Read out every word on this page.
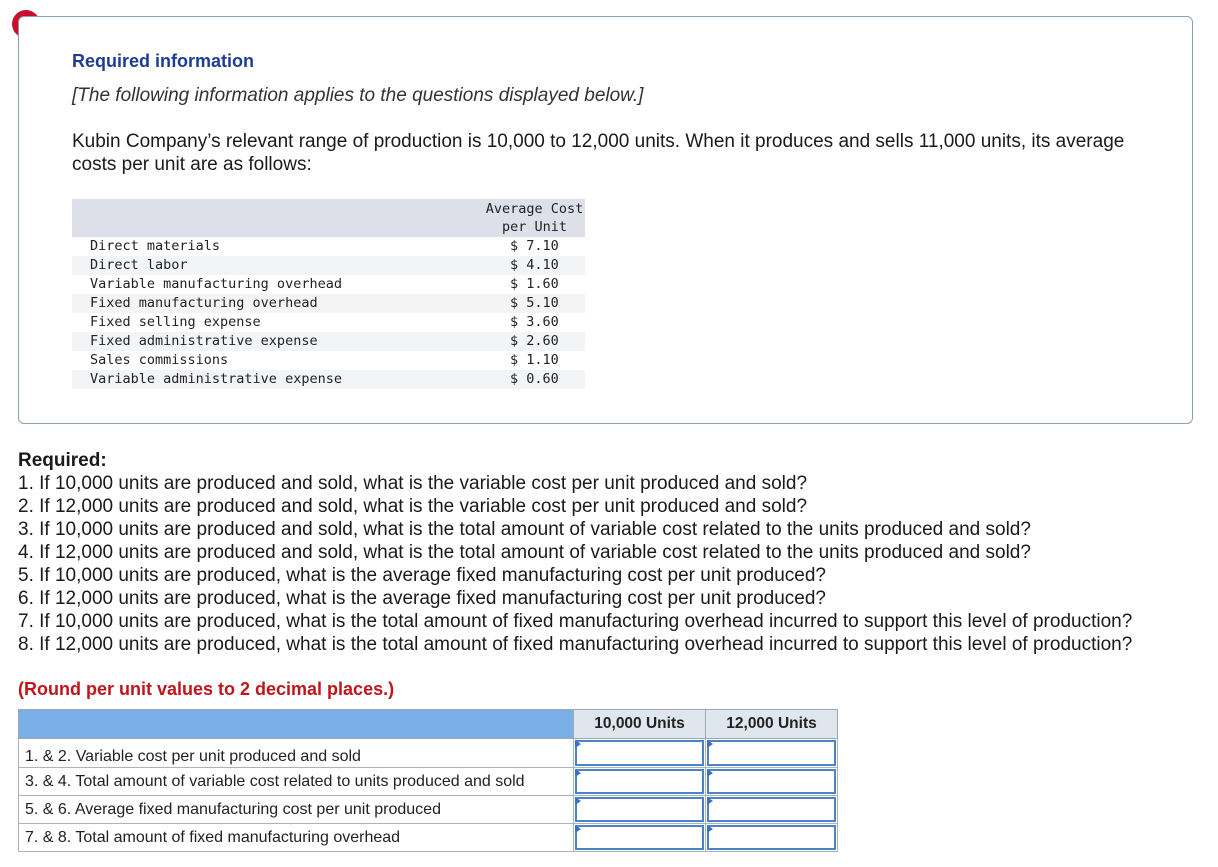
Required information

[The following information applies to the questions displayed below.]

Kubin Company’s relevant range of production is 10,000 to 12,000 units. When it produces and sells 11,000 units, its average costs per unit are as follows:

	Average Cost
per Unit
Direct materials	$ 7.10
Direct labor	$ 4.10
Variable manufacturing overhead	$ 1.60
Fixed manufacturing overhead	$ 5.10
Fixed selling expense	$ 3.60
Fixed administrative expense	$ 2.60
Sales commissions	$ 1.10
Variable administrative expense	$ 0.60
Required:
1. If 10,000 units are produced and sold, what is the variable cost per unit produced and sold?
2. If 12,000 units are produced and sold, what is the variable cost per unit produced and sold?
3. If 10,000 units are produced and sold, what is the total amount of variable cost related to the units produced and sold?
4. If 12,000 units are produced and sold, what is the total amount of variable cost related to the units produced and sold?
5. If 10,000 units are produced, what is the average fixed manufacturing cost per unit produced?
6. If 12,000 units are produced, what is the average fixed manufacturing cost per unit produced?
7. If 10,000 units are produced, what is the total amount of fixed manufacturing overhead incurred to support this level of production?
8. If 12,000 units are produced, what is the total amount of fixed manufacturing overhead incurred to support this level of production?

(Round per unit values to 2 decimal places.)

	10,000 Units	12,000 Units
1. & 2. Variable cost per unit produced and sold	

3. & 4. Total amount of variable cost related to units produced and sold	

5. & 6. Average fixed manufacturing cost per unit produced	

7. & 8. Total amount of fixed manufacturing overhead	
